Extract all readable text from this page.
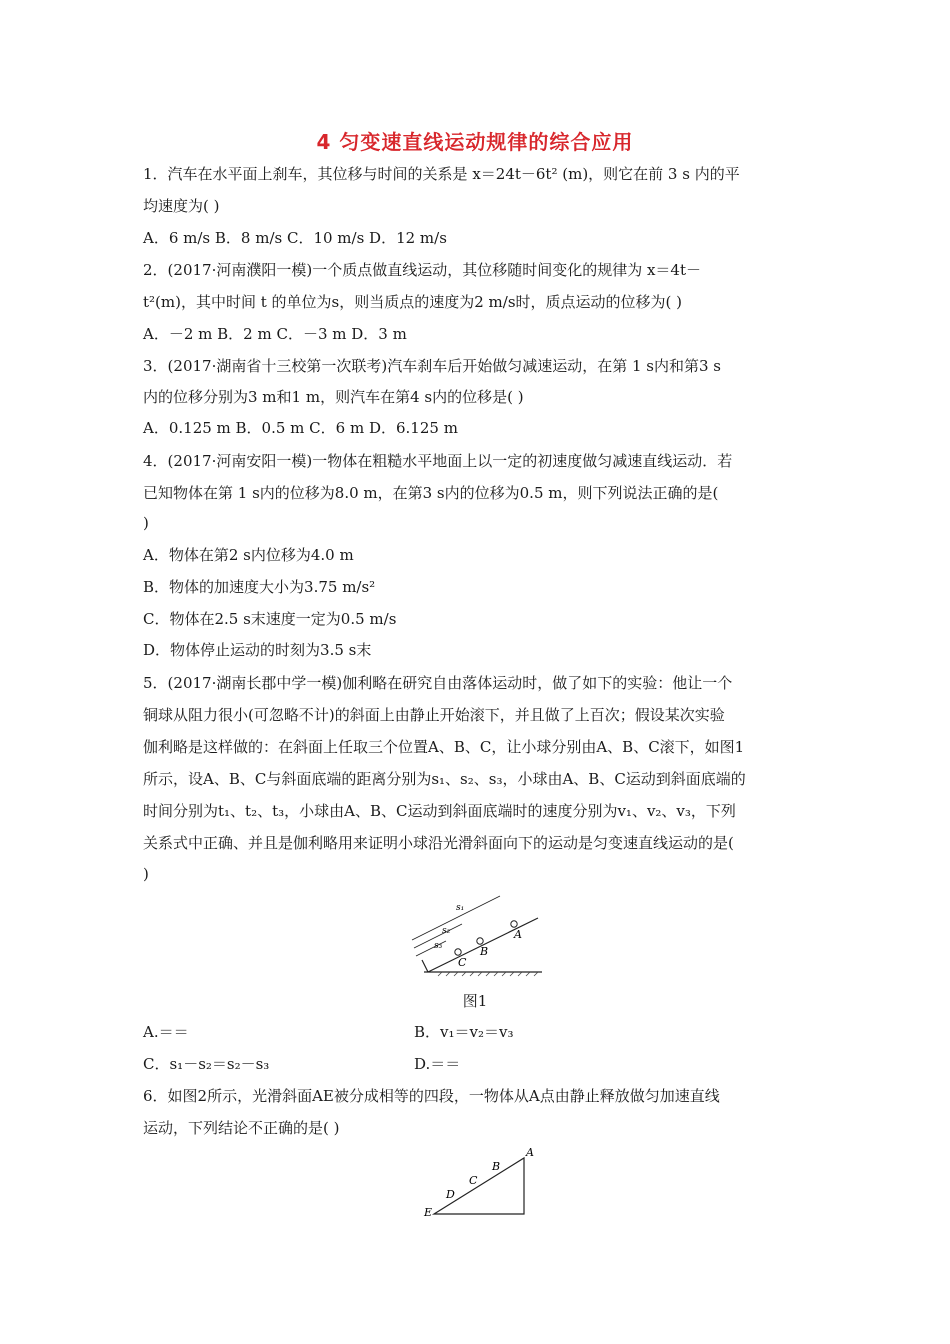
4 匀变速直线运动规律的综合应用
1．汽车在水平面上刹车，其位移与时间的关系是 x＝24t－6t² (m)，则它在前 3 s 内的平
均速度为( )
A．6 m/s B．8 m/s C．10 m/s D．12 m/s
2．(2017·河南濮阳一模)一个质点做直线运动，其位移随时间变化的规律为 x＝4t－
t²(m)，其中时间 t 的单位为s，则当质点的速度为2 m/s时，质点运动的位移为( )
A．－2 m B．2 m C．－3 m D．3 m
3．(2017·湖南省十三校第一次联考)汽车刹车后开始做匀减速运动，在第 1 s内和第3 s
内的位移分别为3 m和1 m，则汽车在第4 s内的位移是( )
A．0.125 m B．0.5 m C．6 m D．6.125 m
4．(2017·河南安阳一模)一物体在粗糙水平地面上以一定的初速度做匀减速直线运动．若
已知物体在第 1 s内的位移为8.0 m，在第3 s内的位移为0.5 m，则下列说法正确的是(
)
A．物体在第2 s内位移为4.0 m
B．物体的加速度大小为3.75 m/s²
C．物体在2.5 s末速度一定为0.5 m/s
D．物体停止运动的时刻为3.5 s末
5．(2017·湖南长郡中学一模)伽利略在研究自由落体运动时，做了如下的实验：他让一个
铜球从阻力很小(可忽略不计)的斜面上由静止开始滚下，并且做了上百次；假设某次实验
伽利略是这样做的：在斜面上任取三个位置A、B、C，让小球分别由A、B、C滚下，如图1
所示，设A、B、C与斜面底端的距离分别为s₁、s₂、s₃，小球由A、B、C运动到斜面底端的
时间分别为t₁、t₂、t₃，小球由A、B、C运动到斜面底端时的速度分别为v₁、v₂、v₃，下列
关系式中正确、并且是伽利略用来证明小球沿光滑斜面向下的运动是匀变速直线运动的是(
)
s₁
s₂
s₃
A
B
C
图1
A.＝＝	B．v₁＝v₂＝v₃
C．s₁－s₂＝s₂－s₃	D.＝＝
6．如图2所示，光滑斜面AE被分成相等的四段，一物体从A点由静止释放做匀加速直线
运动，下列结论不正确的是( )
A
B
C
D
E
